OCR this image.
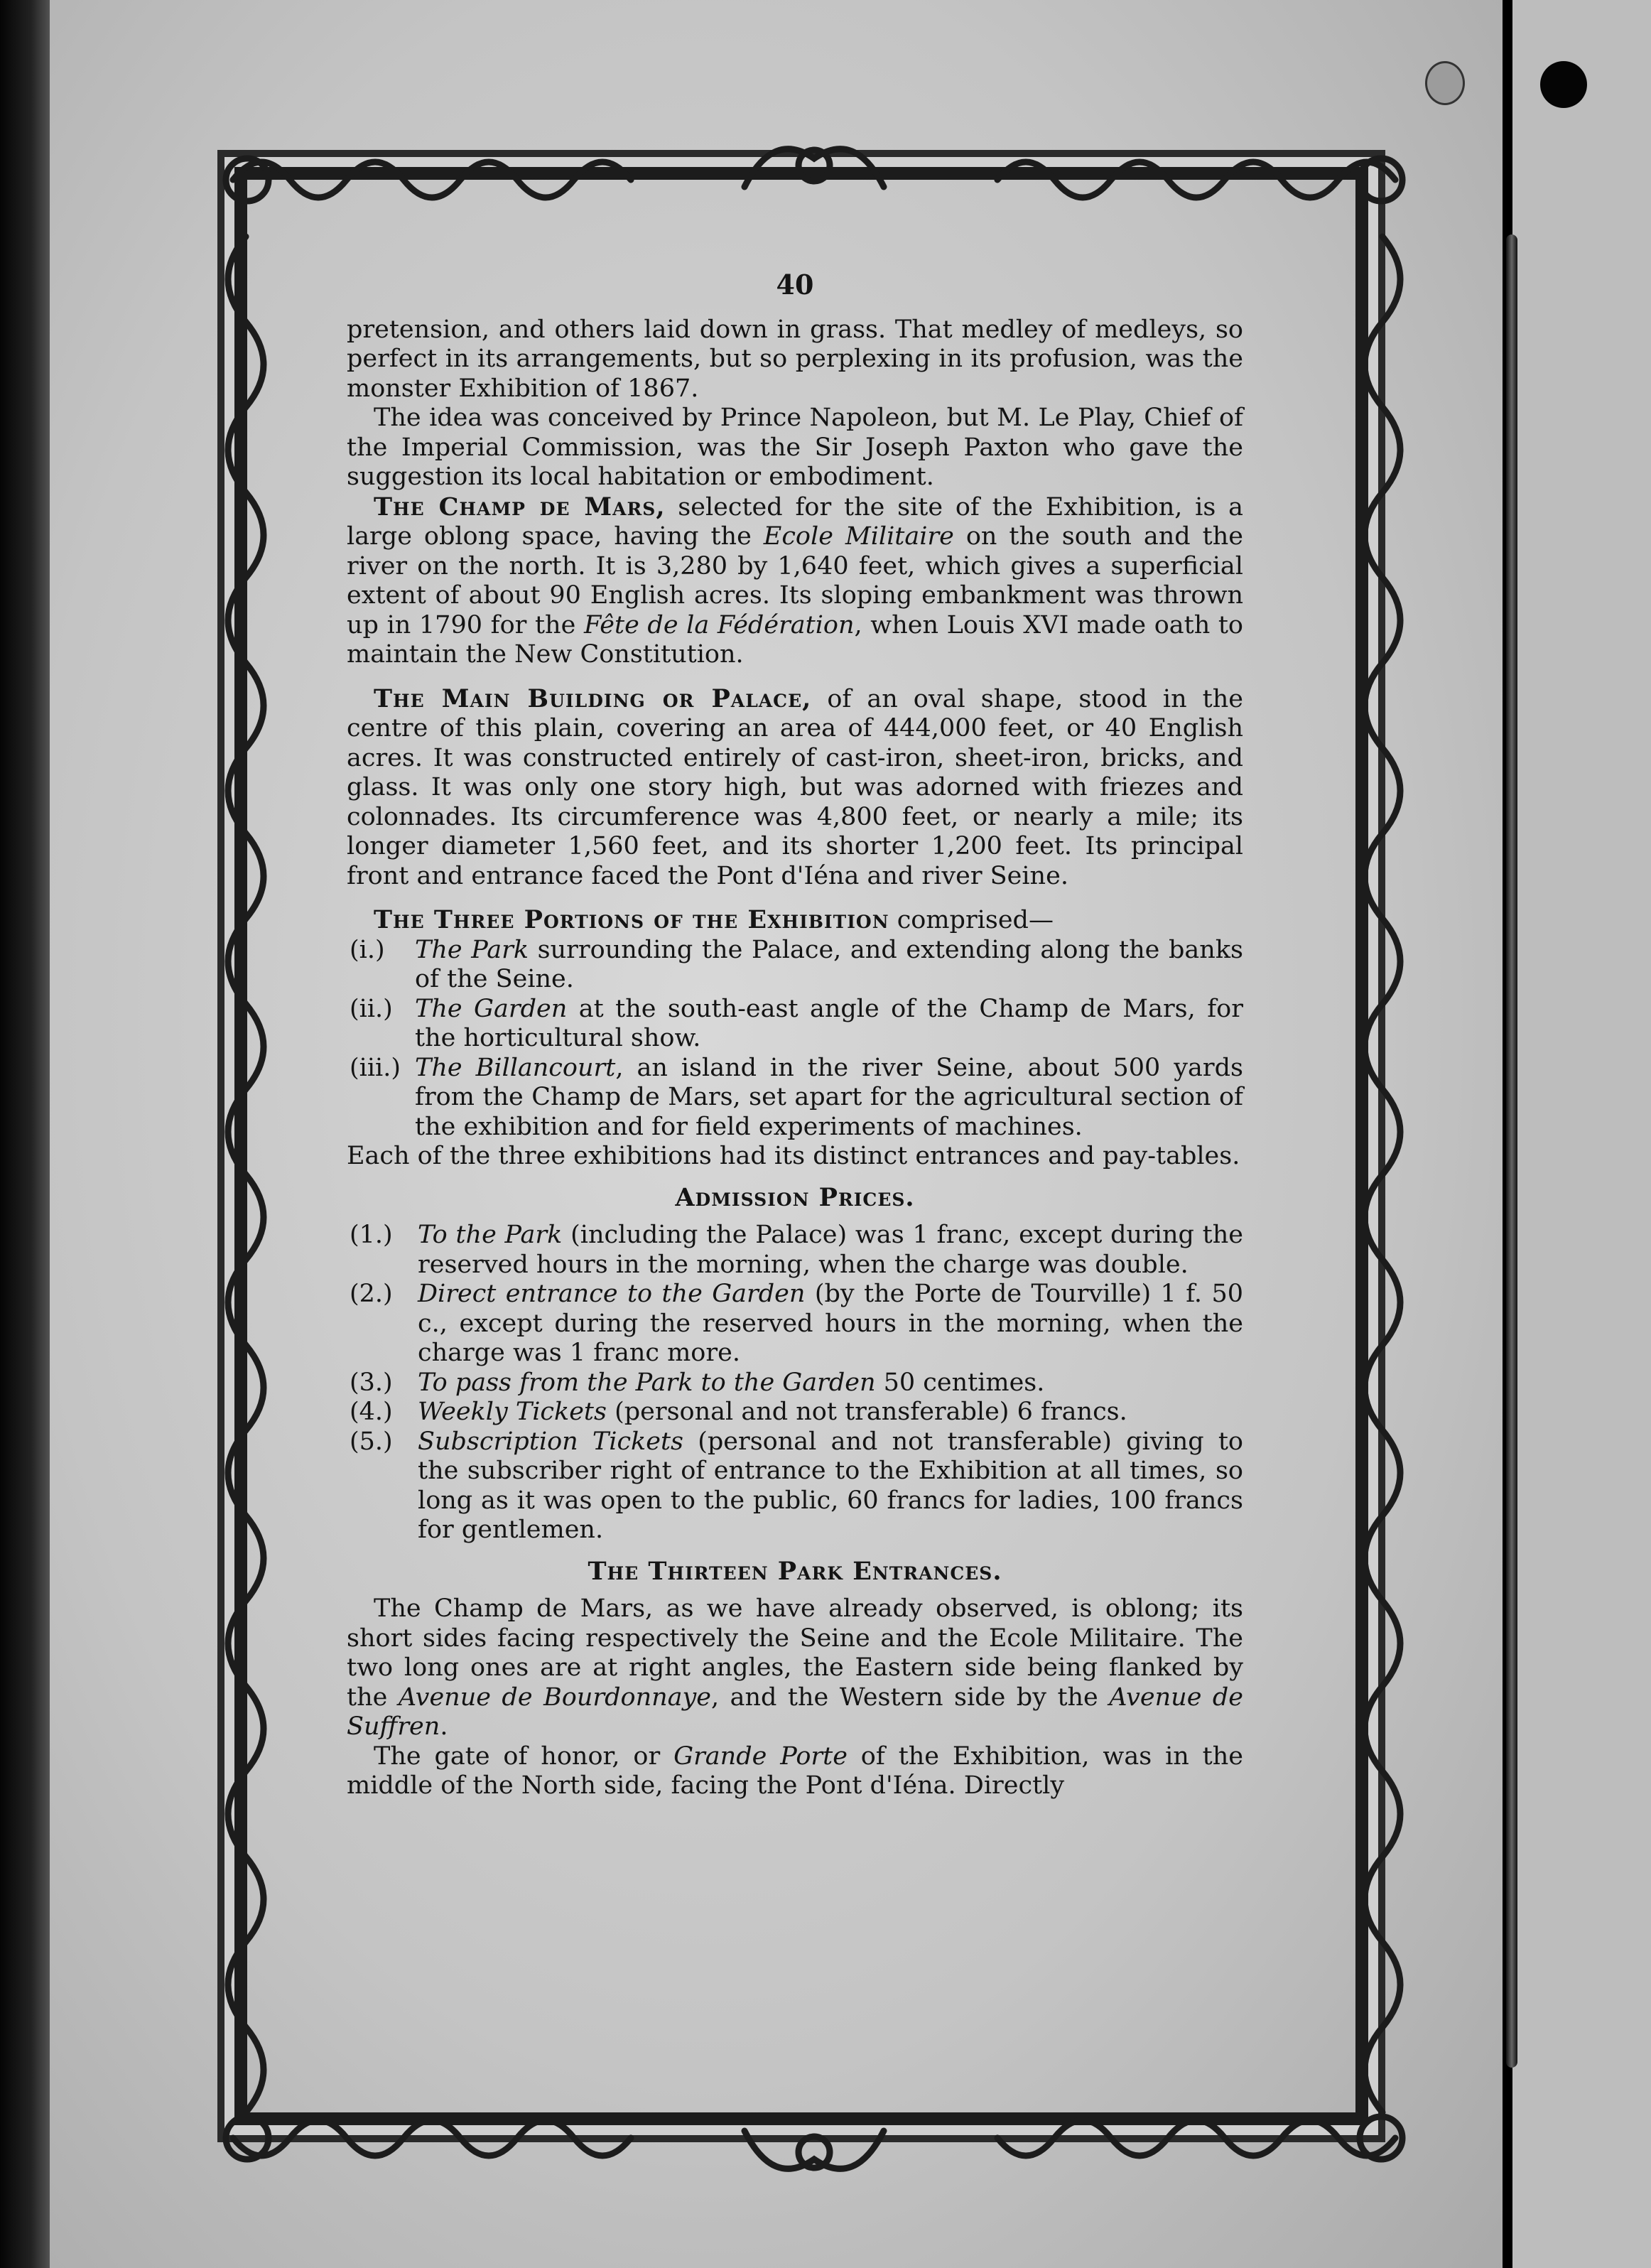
40

pretension, and others laid down in grass. That medley of medleys, so perfect in its arrangements, but so perplexing in its profusion, was the monster Exhibition of 1867.

The idea was conceived by Prince Napoleon, but M. Le Play, Chief of the Imperial Commission, was the Sir Joseph Paxton who gave the suggestion its local habitation or embodiment.

The Champ de Mars, selected for the site of the Exhibition, is a large oblong space, having the Ecole Militaire on the south and the river on the north. It is 3,280 by 1,640 feet, which gives a superficial extent of about 90 English acres. Its sloping embankment was thrown up in 1790 for the Fête de la Fédération, when Louis XVI made oath to maintain the New Constitution.

The Main Building or Palace, of an oval shape, stood in the centre of this plain, covering an area of 444,000 feet, or 40 English acres. It was constructed entirely of cast-iron, sheet-iron, bricks, and glass. It was only one story high, but was adorned with friezes and colonnades. Its circumference was 4,800 feet, or nearly a mile; its longer diameter 1,560 feet, and its shorter 1,200 feet. Its principal front and entrance faced the Pont d'Iéna and river Seine.

The Three Portions of the Exhibition comprised—

(i.)	The Park surrounding the Palace, and extending along the banks of the Seine.
(ii.) The Garden at the south-east angle of the Champ de Mars, for the horticultural show.
(iii.) The Billancourt, an island in the river Seine, about 500 yards from the Champ de Mars, set apart for the agricultural section of the exhibition and for field experiments of machines.

Each of the three exhibitions had its distinct entrances and pay-tables.

Admission Prices.
(1.)	To the Park (including the Palace) was 1 franc, except during the reserved hours in the morning, when the charge was double.
(2.)	Direct entrance to the Garden (by the Porte de Tourville) 1 f. 50 c., except during the reserved hours in the morning, when the charge was 1 franc more.
(3.)	To pass from the Park to the Garden 50 centimes.
(4.)	Weekly Tickets (personal and not transferable) 6 francs.
(5.)	Subscription Tickets (personal and not transferable) giving to the subscriber right of entrance to the Exhibition at all times, so long as it was open to the public, 60 francs for ladies, 100 francs for gentlemen.
The Thirteen Park Entrances.

The Champ de Mars, as we have already observed, is oblong; its short sides facing respectively the Seine and the Ecole Militaire. The two long ones are at right angles, the Eastern side being flanked by the Avenue de Bourdonnaye, and the Western side by the Avenue de Suffren.

The gate of honor, or Grande Porte of the Exhibition, was in the middle of the North side, facing the Pont d'Iéna. Directly
